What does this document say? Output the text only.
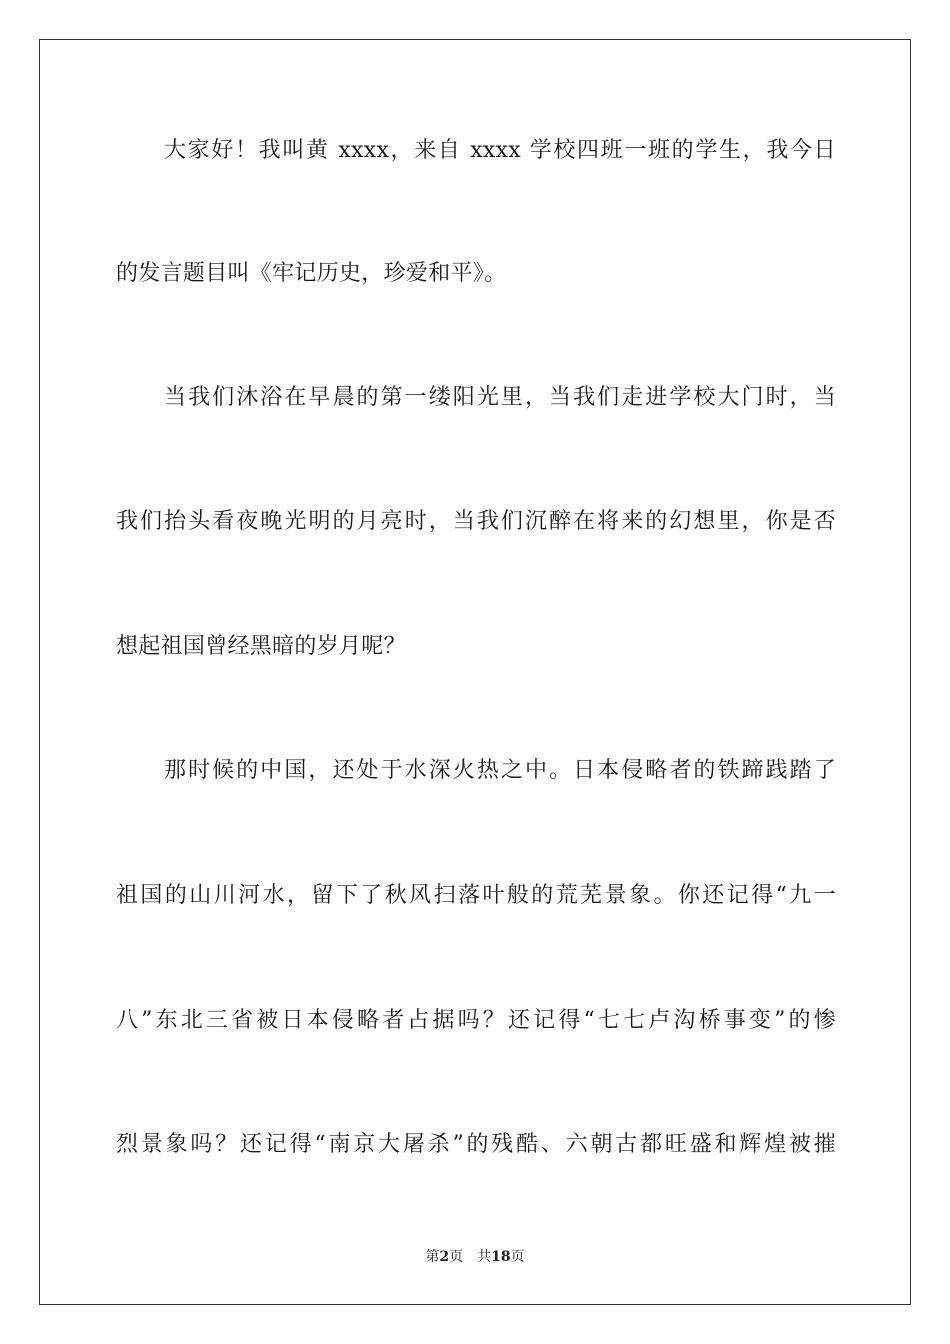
大家好！我叫黄 xxxx，来自 xxxx 学校四班一班的学生，我今日
的发言题目叫《牢记历史，珍爱和平》。
当我们沐浴在早晨的第一缕阳光里，当我们走进学校大门时，当
我们抬头看夜晚光明的月亮时，当我们沉醉在将来的幻想里，你是否
想起祖国曾经黑暗的岁月呢？
那时候的中国，还处于水深火热之中。日本侵略者的铁蹄践踏了
祖国的山川河水，留下了秋风扫落叶般的荒芜景象。你还记得“九一
八”东北三省被日本侵略者占据吗？还记得“七七卢沟桥事变”的惨
烈景象吗？还记得“南京大屠杀”的残酷、六朝古都旺盛和辉煌被摧
第2页 共18页
